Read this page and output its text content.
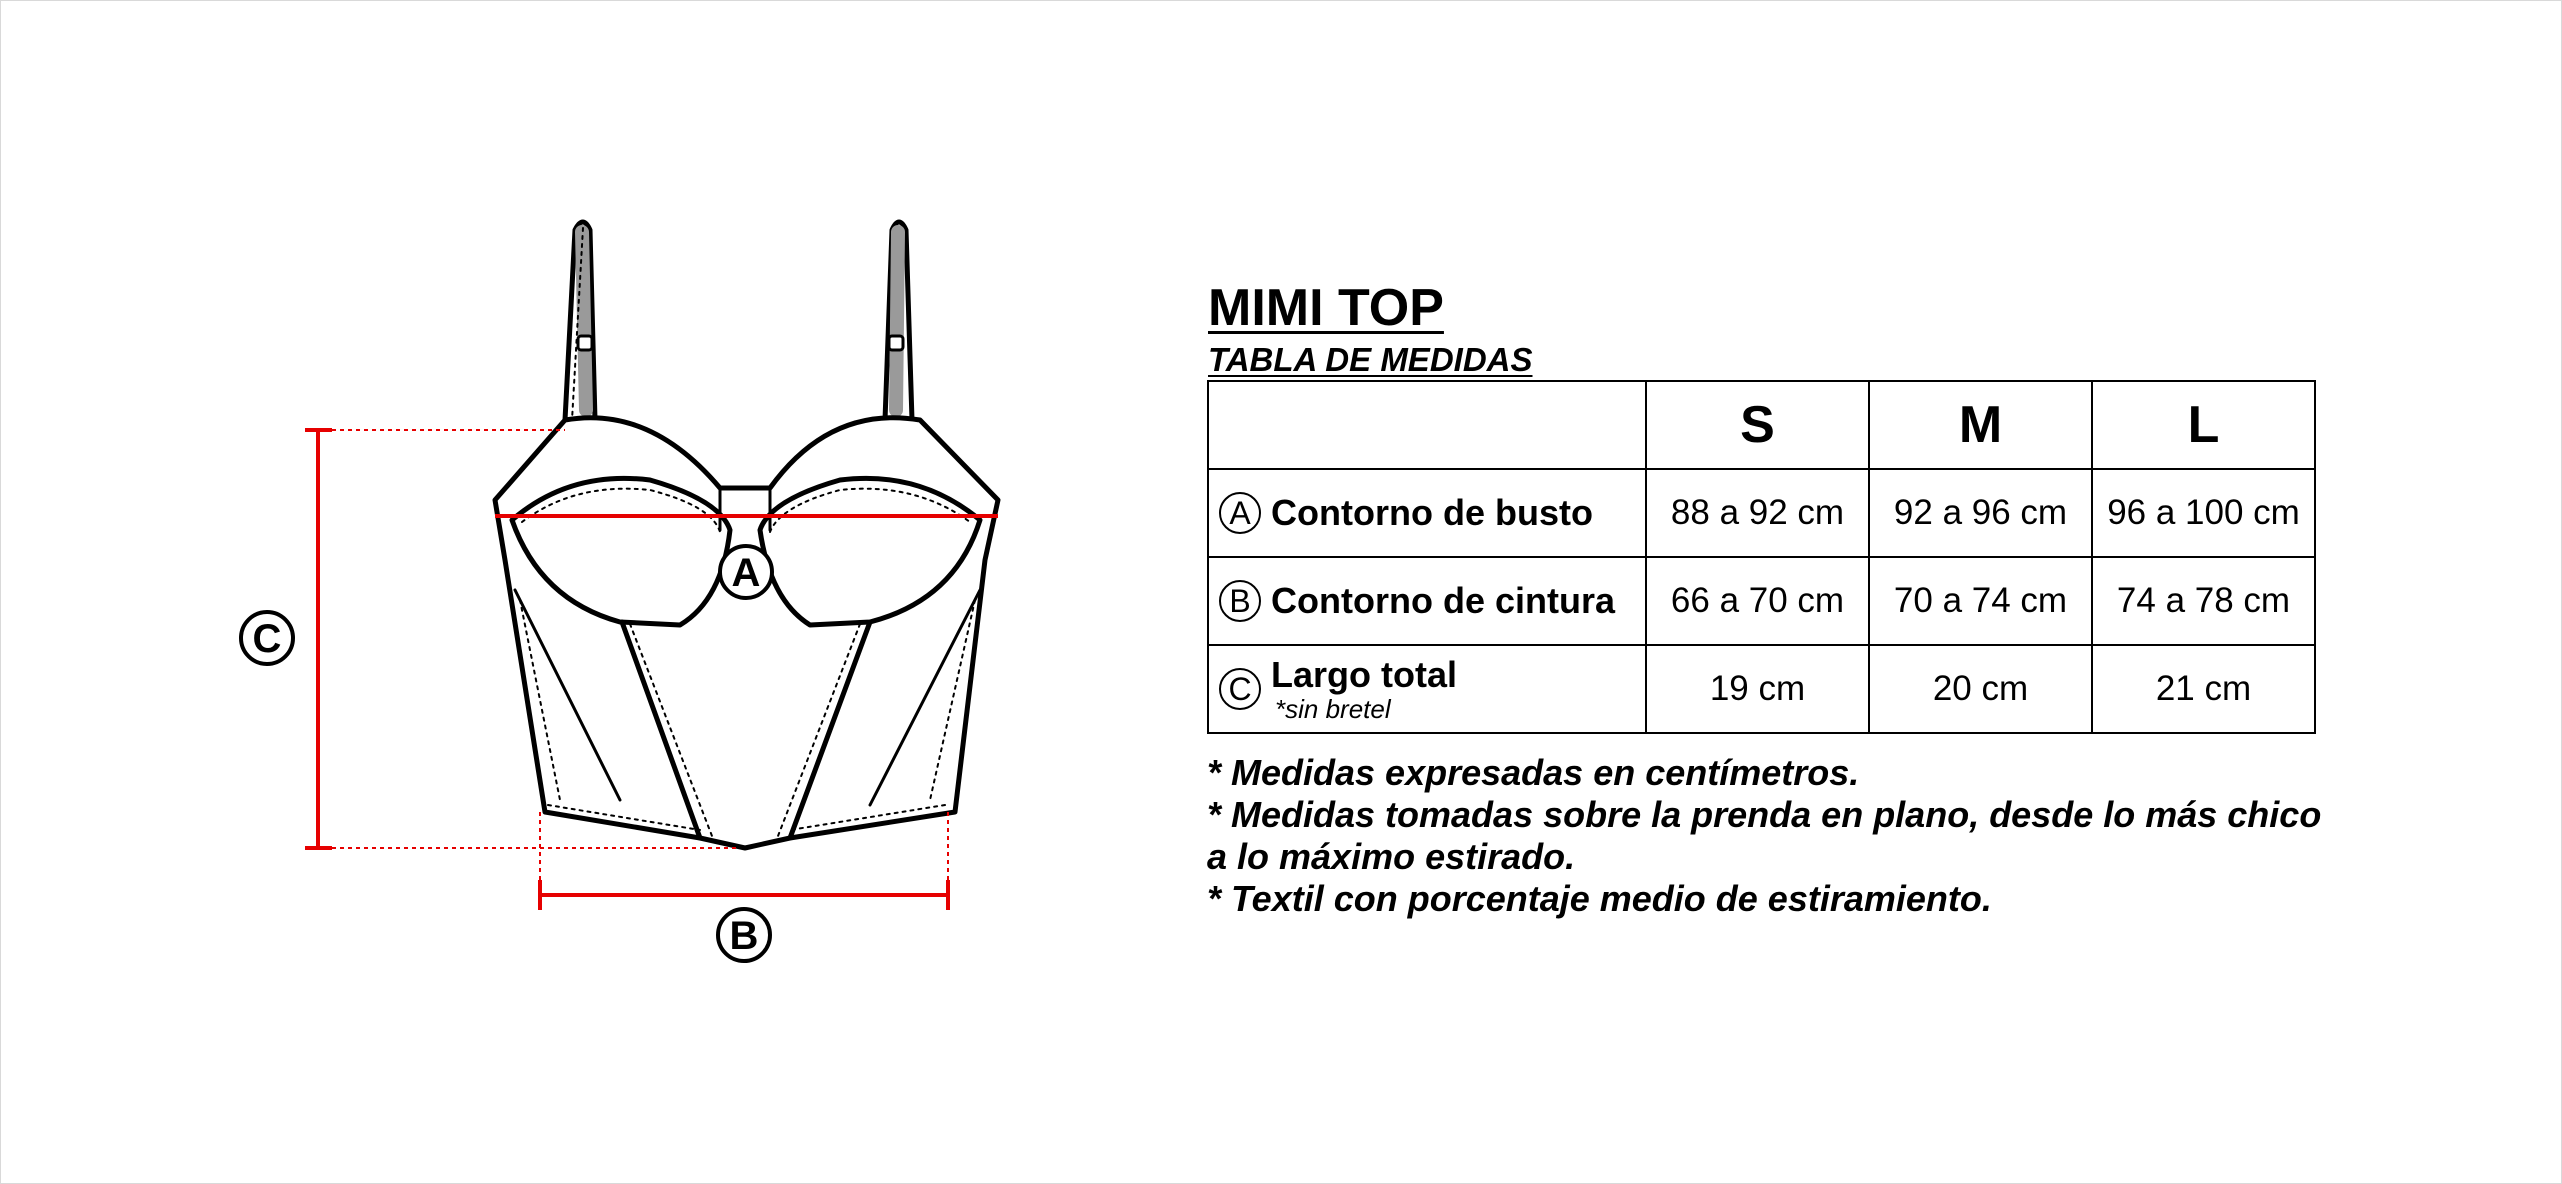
A
B
C
MIMI TOP
TABLA DE MEDIDAS
	S	M	L

A Contorno de busto	88 a 92 cm	92 a 96 cm	96 a 100 cm

B Contorno de cintura	66 a 70 cm	70 a 74 cm	74 a 78 cm

C Largo total
*sin bretel	19 cm	20 cm	21 cm

* Medidas expresadas en centímetros.

* Medidas tomadas sobre la prenda en plano, desde lo más chico

a lo máximo estirado.

* Textil con porcentaje medio de estiramiento.
